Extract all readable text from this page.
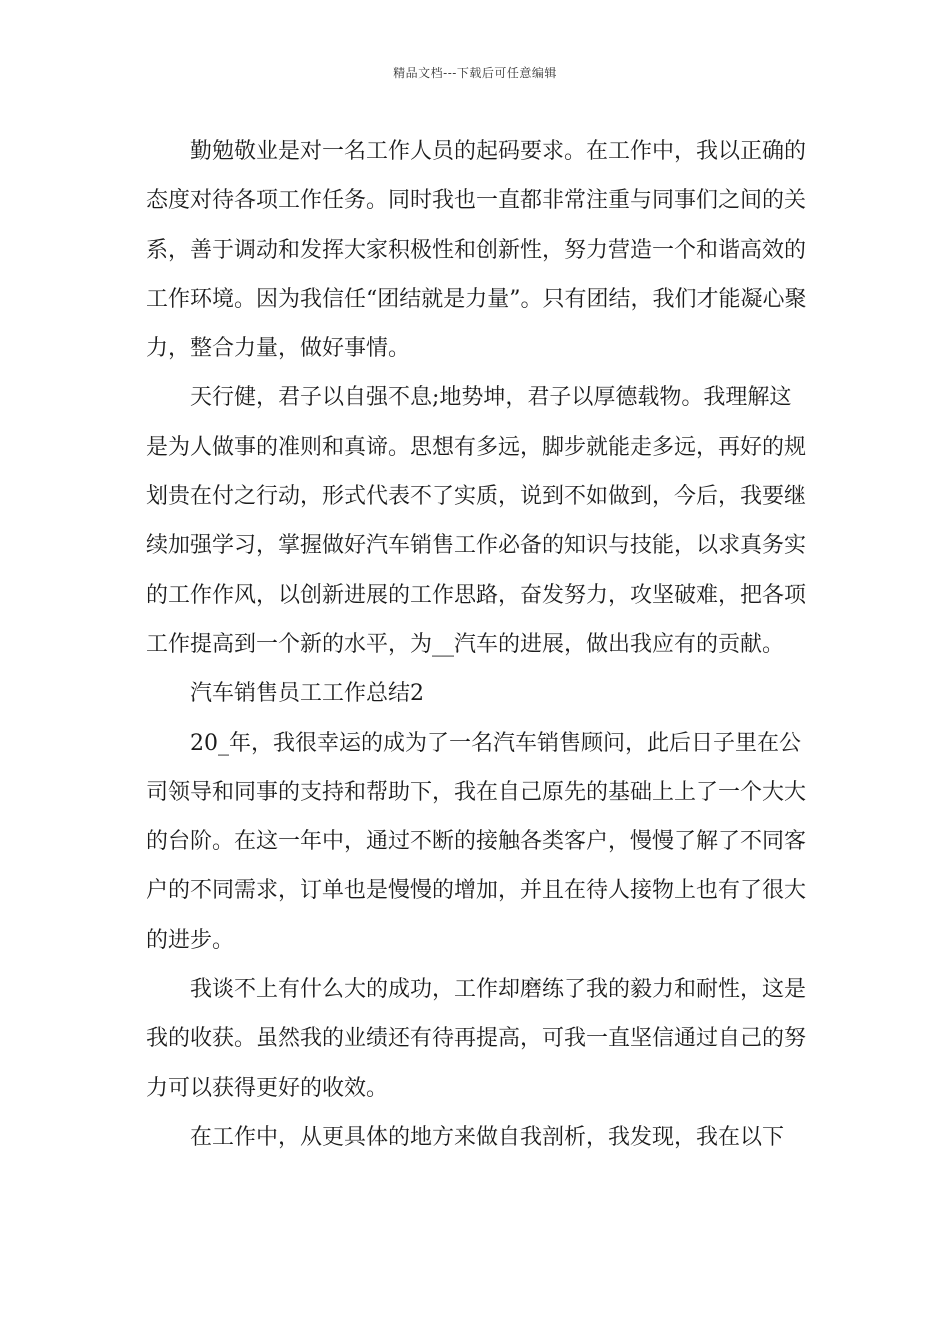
精品文档---下载后可任意编辑

勤勉敬业是对一名工作人员的起码要求。在工作中，我以正确的态度对待各项工作任务。同时我也一直都非常注重与同事们之间的关系，善于调动和发挥大家积极性和创新性，努力营造一个和谐高效的工作环境。因为我信任“团结就是力量”。只有团结，我们才能凝心聚力，整合力量，做好事情。

天行健，君子以自强不息;地势坤，君子以厚德载物。我理解这是为人做事的准则和真谛。思想有多远，脚步就能走多远，再好的规划贵在付之行动，形式代表不了实质，说到不如做到，今后，我要继续加强学习，掌握做好汽车销售工作必备的知识与技能，以求真务实的工作作风，以创新进展的工作思路，奋发努力，攻坚破难，把各项工作提高到一个新的水平，为__汽车的进展，做出我应有的贡献。

汽车销售员工工作总结2

20_年，我很幸运的成为了一名汽车销售顾问，此后日子里在公司领导和同事的支持和帮助下，我在自己原先的基础上上了一个大大的台阶。在这一年中，通过不断的接触各类客户，慢慢了解了不同客户的不同需求，订单也是慢慢的增加，并且在待人接物上也有了很大的进步。

我谈不上有什么大的成功，工作却磨练了我的毅力和耐性，这是我的收获。虽然我的业绩还有待再提高，可我一直坚信通过自己的努力可以获得更好的收效。

在工作中，从更具体的地方来做自我剖析，我发现，我在以下
